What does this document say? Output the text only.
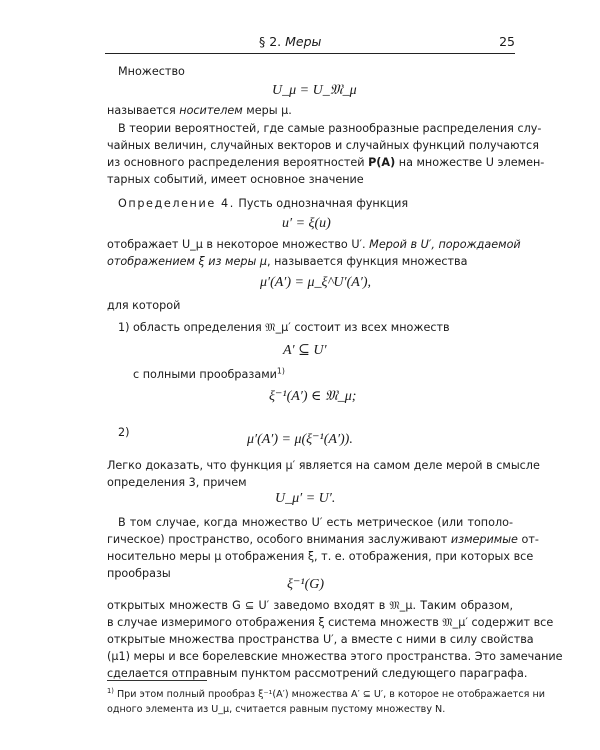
§ 2. Меры	25
Множество
U_μ = U_𝔐_μ
называется носителем меры μ.
В теории вероятностей, где самые разнообразные распределения слу-
чайных величин, случайных векторов и случайных функций получаются
из основного распределения вероятностей P(A) на множестве U элемен-
тарных событий, имеет основное значение
Определение 4. Пусть однозначная функция
u′ = ξ(u)
отображает U_μ в некоторое множество U′. Мерой в U′, порождаемой
отображением ξ из меры μ, называется функция множества
μ′(A′) = μ_ξ^U′(A′),
для которой
1) область определения 𝔐_μ′ состоит из всех множеств
A′ ⊆ U′
с полными прообразами$^{1)}$
ξ⁻¹(A′) ∈ 𝔐_μ;
2)	μ′(A′) = μ(ξ⁻¹(A′)).
Легко доказать, что функция μ′ является на самом деле мерой в смысле
определения 3, причем
U_μ′ = U′.
В том случае, когда множество U′ есть метрическое (или тополо-
гическое) пространство, особого внимания заслуживают измеримые от-
носительно меры μ отображения ξ, т. е. отображения, при которых все
прообразы
ξ⁻¹(G)
открытых множеств G ⊆ U′ заведомо входят в 𝔐_μ. Таким образом,
в случае измеримого отображения ξ система множеств 𝔐_μ′ содержит все
открытые множества пространства U′, а вместе с ними в силу свойства
(μ1) меры и все борелевские множества этого пространства. Это замечание
сделается отправным пунктом рассмотрений следующего параграфа.
$^{1)}$ При этом полный прообраз ξ⁻¹(A′) множества A′ ⊆ U′, в которое не отображается ни
одного элемента из U_μ, считается равным пустому множеству N.
